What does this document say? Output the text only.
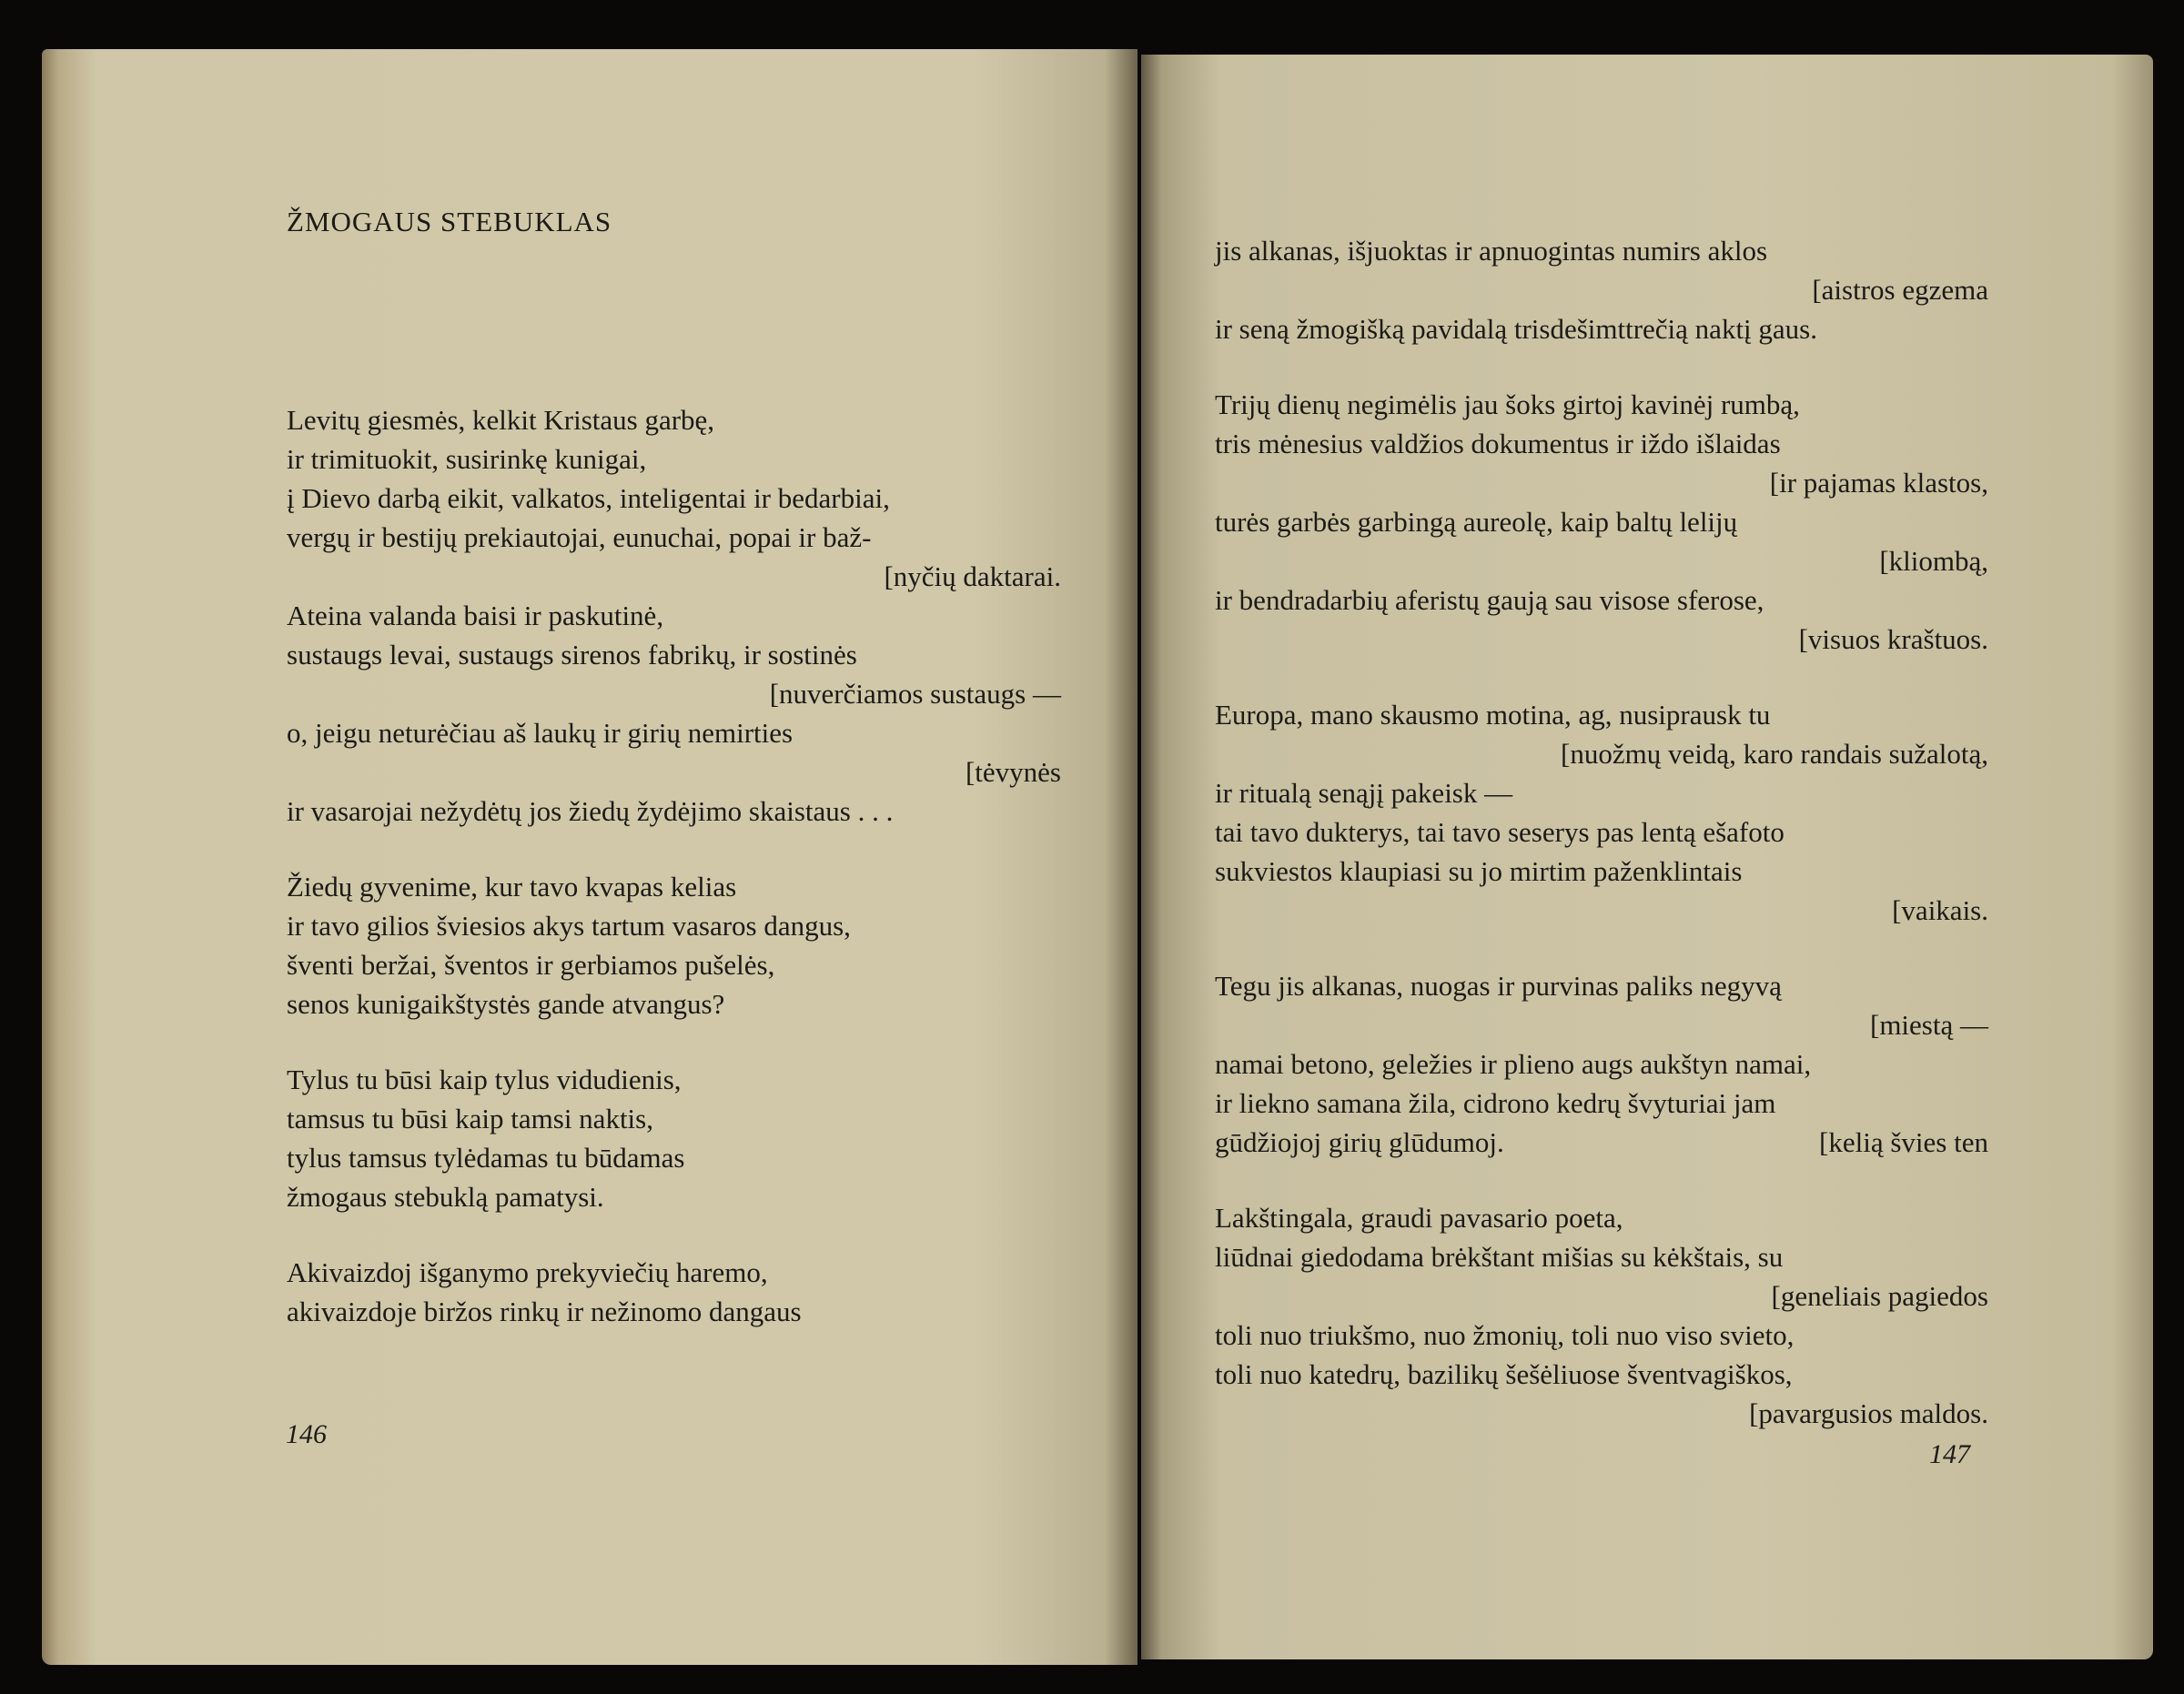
ŽMOGAUS STEBUKLAS
Levitų giesmės, kelkit Kristaus garbę,
ir trimituokit, susirinkę kunigai,
į Dievo darbą eikit, valkatos, inteligentai ir bedarbiai,
vergų ir bestijų prekiautojai, eunuchai, popai ir baž-
[nyčių daktarai.
Ateina valanda baisi ir paskutinė,
sustaugs levai, sustaugs sirenos fabrikų, ir sostinės
[nuverčiamos sustaugs —
o, jeigu neturėčiau aš laukų ir girių nemirties
[tėvynės
ir vasarojai nežydėtų jos žiedų žydėjimo skaistaus . . .
Žiedų gyvenime, kur tavo kvapas kelias
ir tavo gilios šviesios akys tartum vasaros dangus,
šventi beržai, šventos ir gerbiamos pušelės,
senos kunigaikštystės gande atvangus?
Tylus tu būsi kaip tylus vidudienis,
tamsus tu būsi kaip tamsi naktis,
tylus tamsus tylėdamas tu būdamas
žmogaus stebuklą pamatysi.
Akivaizdoj išganymo prekyviečių haremo,
akivaizdoje biržos rinkų ir nežinomo dangaus
jis alkanas, išjuoktas ir apnuogintas numirs aklos
[aistros egzema
ir seną žmogišką pavidalą trisdešimttrečią naktį gaus.
Trijų dienų negimėlis jau šoks girtoj kavinėj rumbą,
tris mėnesius valdžios dokumentus ir iždo išlaidas
[ir pajamas klastos,
turės garbės garbingą aureolę, kaip baltų lelijų
[kliombą,
ir bendradarbių aferistų gaują sau visose sferose,
[visuos kraštuos.
Europa, mano skausmo motina, ag, nusiprausk tu
[nuožmų veidą, karo randais sužalotą,
ir ritualą senąjį pakeisk —
tai tavo dukterys, tai tavo seserys pas lentą ešafoto
sukviestos klaupiasi su jo mirtim paženklintais
[vaikais.
Tegu jis alkanas, nuogas ir purvinas paliks negyvą
[miestą —
namai betono, geležies ir plieno augs aukštyn namai,
ir liekno samana žila, cidrono kedrų švyturiai jam
gūdžiojoj girių glūdumoj.	[kelią švies ten
Lakštingala, graudi pavasario poeta,
liūdnai giedodama brėkštant mišias su kėkštais, su
[geneliais pagiedos
toli nuo triukšmo, nuo žmonių, toli nuo viso svieto,
toli nuo katedrų, bazilikų šešėliuose šventvagiškos,
[pavargusios maldos.
146
147
